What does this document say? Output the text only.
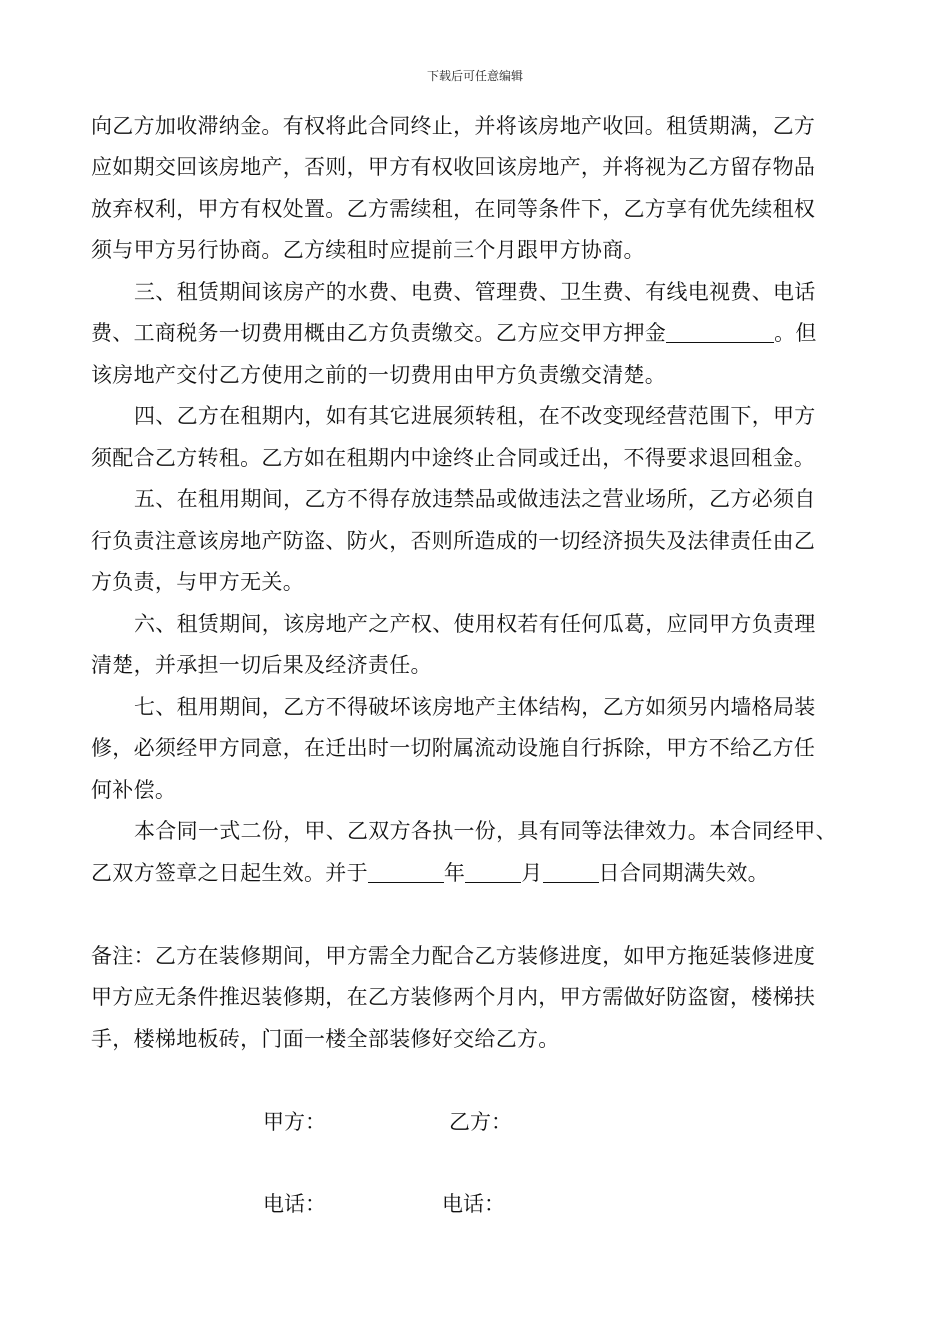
下载后可任意编辑
向乙方加收滞纳金。有权将此合同终止，并将该房地产收回。租赁期满，乙方
应如期交回该房地产，否则，甲方有权收回该房地产，并将视为乙方留存物品
放弃权利，甲方有权处置。乙方需续租，在同等条件下，乙方享有优先续租权
须与甲方另行协商。乙方续租时应提前三个月跟甲方协商。
三、租赁期间该房产的水费、电费、管理费、卫生费、有线电视费、电话
费、工商税务一切费用概由乙方负责缴交。乙方应交甲方押金	。但
该房地产交付乙方使用之前的一切费用由甲方负责缴交清楚。
四、乙方在租期内，如有其它进展须转租，在不改变现经营范围下，甲方
须配合乙方转租。乙方如在租期内中途终止合同或迁出，不得要求退回租金。
五、在租用期间，乙方不得存放违禁品或做违法之营业场所，乙方必须自
行负责注意该房地产防盗、防火，否则所造成的一切经济损失及法律责任由乙
方负责，与甲方无关。
六、租赁期间，该房地产之产权、使用权若有任何瓜葛，应同甲方负责理
清楚，并承担一切后果及经济责任。
七、租用期间，乙方不得破坏该房地产主体结构，乙方如须另内墙格局装
修，必须经甲方同意，在迁出时一切附属流动设施自行拆除，甲方不给乙方任
何补偿。
本合同一式二份，甲、乙双方各执一份，具有同等法律效力。本合同经甲、
乙双方签章之日起生效。并于	年	月	日合同期满失效。
备注：乙方在装修期间，甲方需全力配合乙方装修进度，如甲方拖延装修进度
甲方应无条件推迟装修期，在乙方装修两个月内，甲方需做好防盗窗，楼梯扶
手，楼梯地板砖，门面一楼全部装修好交给乙方。
甲方：	乙方：
电话：	电话：
